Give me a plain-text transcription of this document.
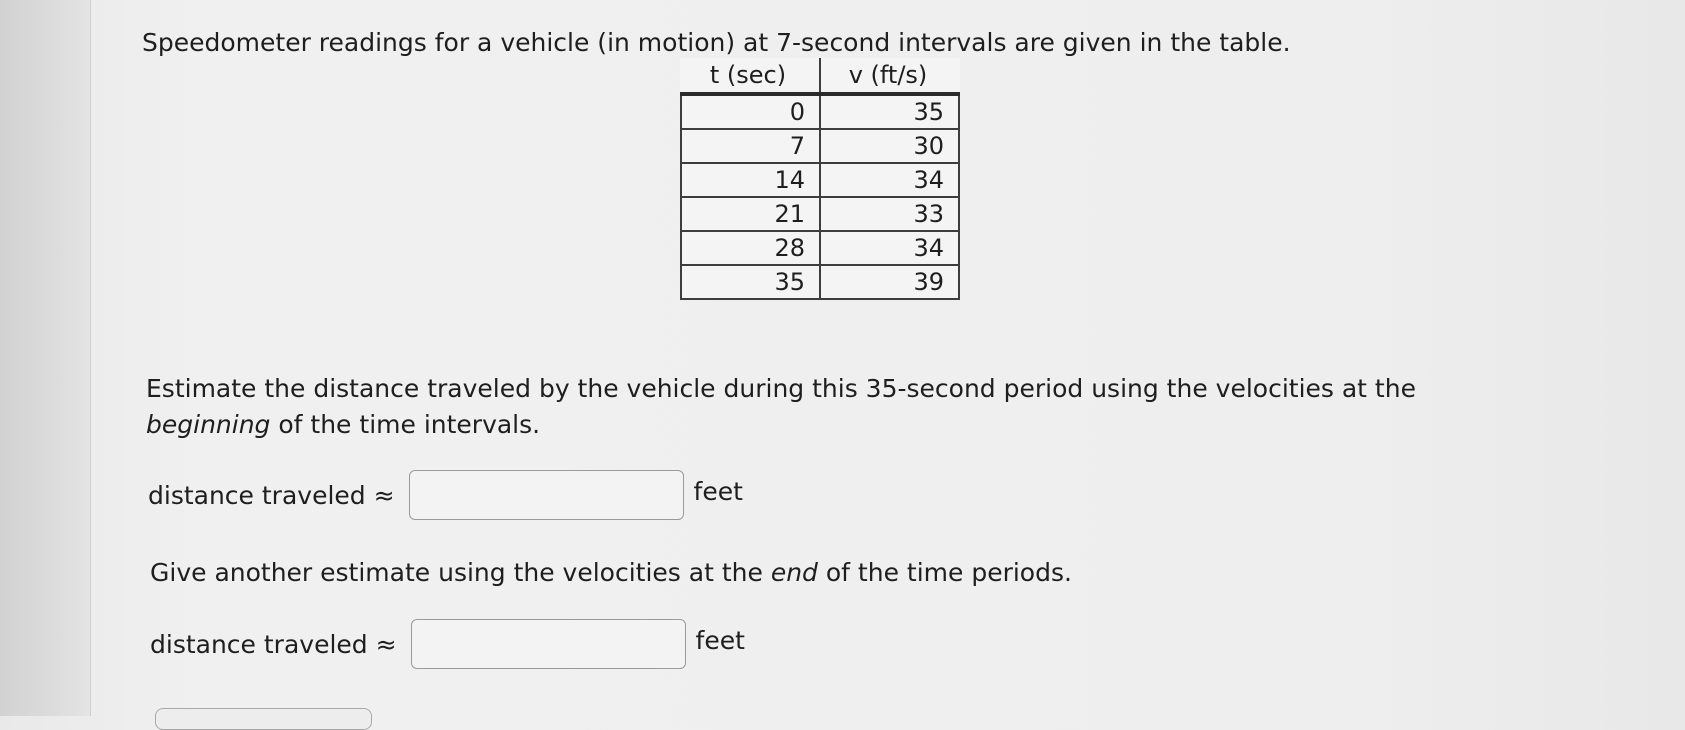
Speedometer readings for a vehicle (in motion) at 7-second intervals are given in the table.

t (sec)	v (ft/s)
0	35
7	30
14	34
21	33
28	34
35	39

Estimate the distance traveled by the vehicle during this 35-second period using the velocities at the

beginning of the time intervals.

distance traveled ≈	feet

Give another estimate using the velocities at the end of the time periods.

distance traveled ≈	feet
